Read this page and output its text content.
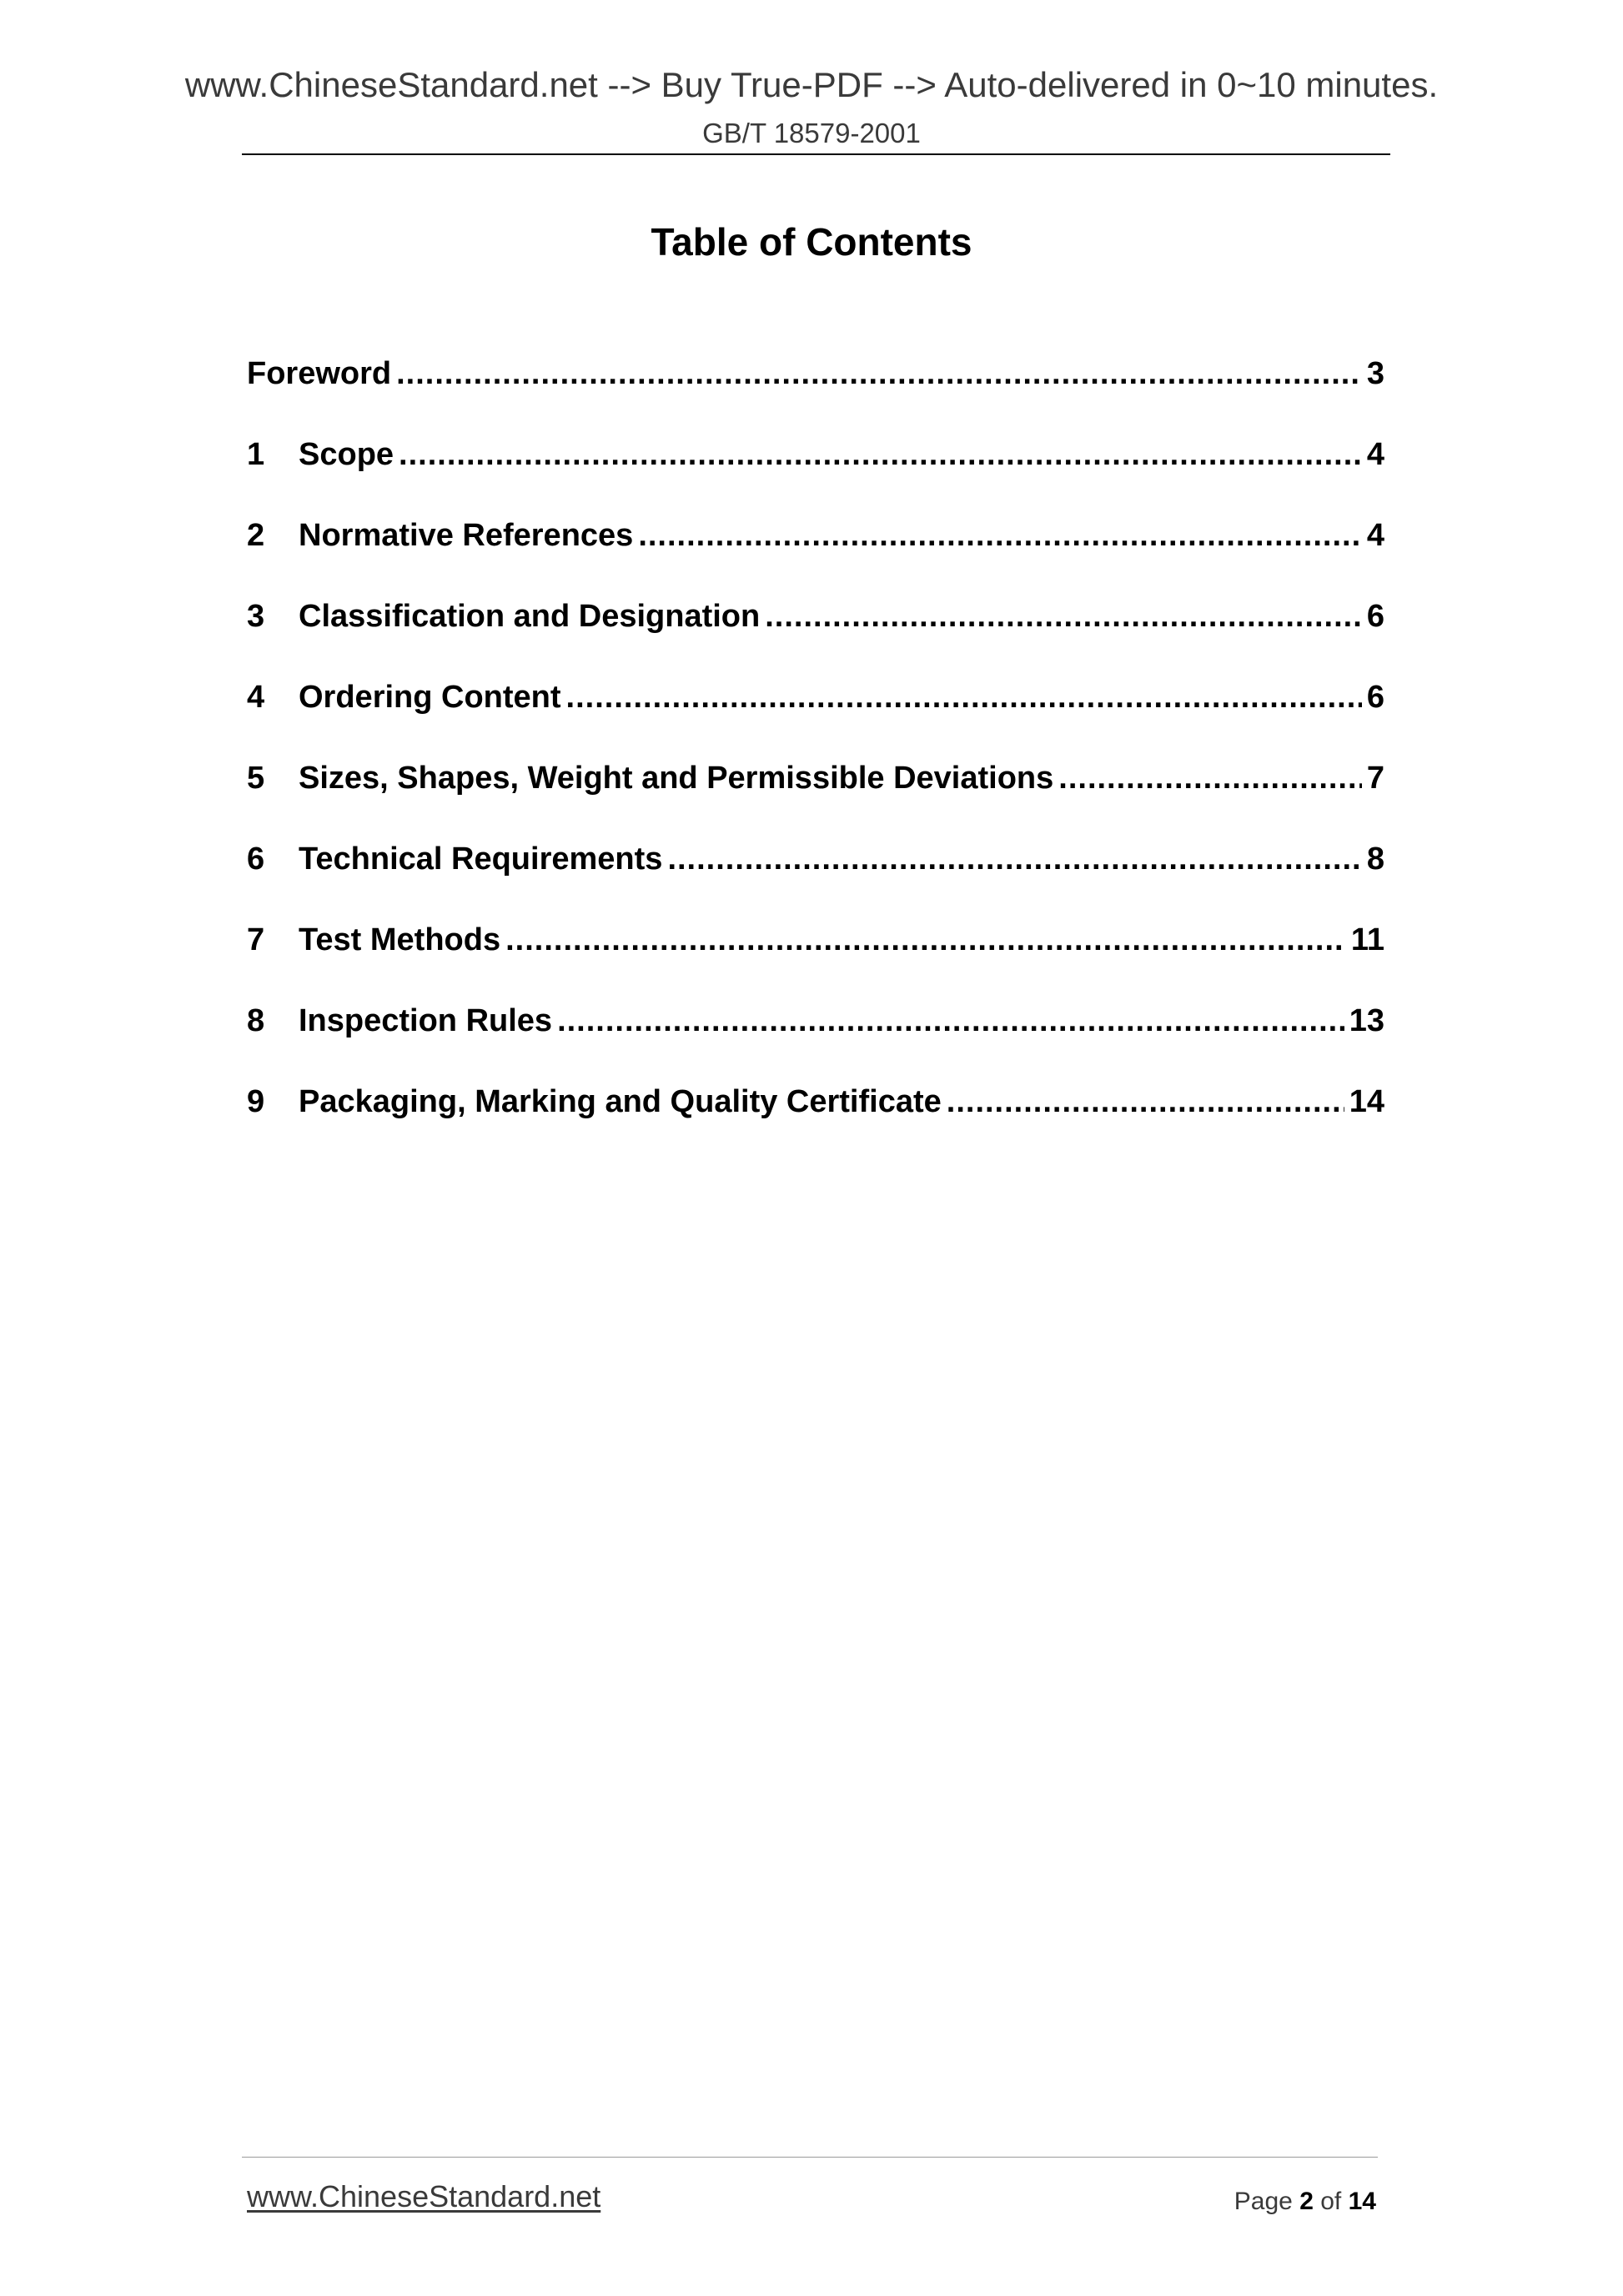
www.ChineseStandard.net --> Buy True-PDF --> Auto-delivered in 0~10 minutes.
GB/T 18579-2001
Table of Contents
Foreword .....	3
1	Scope .....	4
2	Normative References .....	4
3	Classification and Designation .....	6
4	Ordering Content .....	6
5	Sizes, Shapes, Weight and Permissible Deviations .....	7
6	Technical Requirements .....	8
7	Test Methods .....	11
8	Inspection Rules .....	13
9	Packaging, Marking and Quality Certificate .....	14
www.ChineseStandard.net	Page 2 of 14
